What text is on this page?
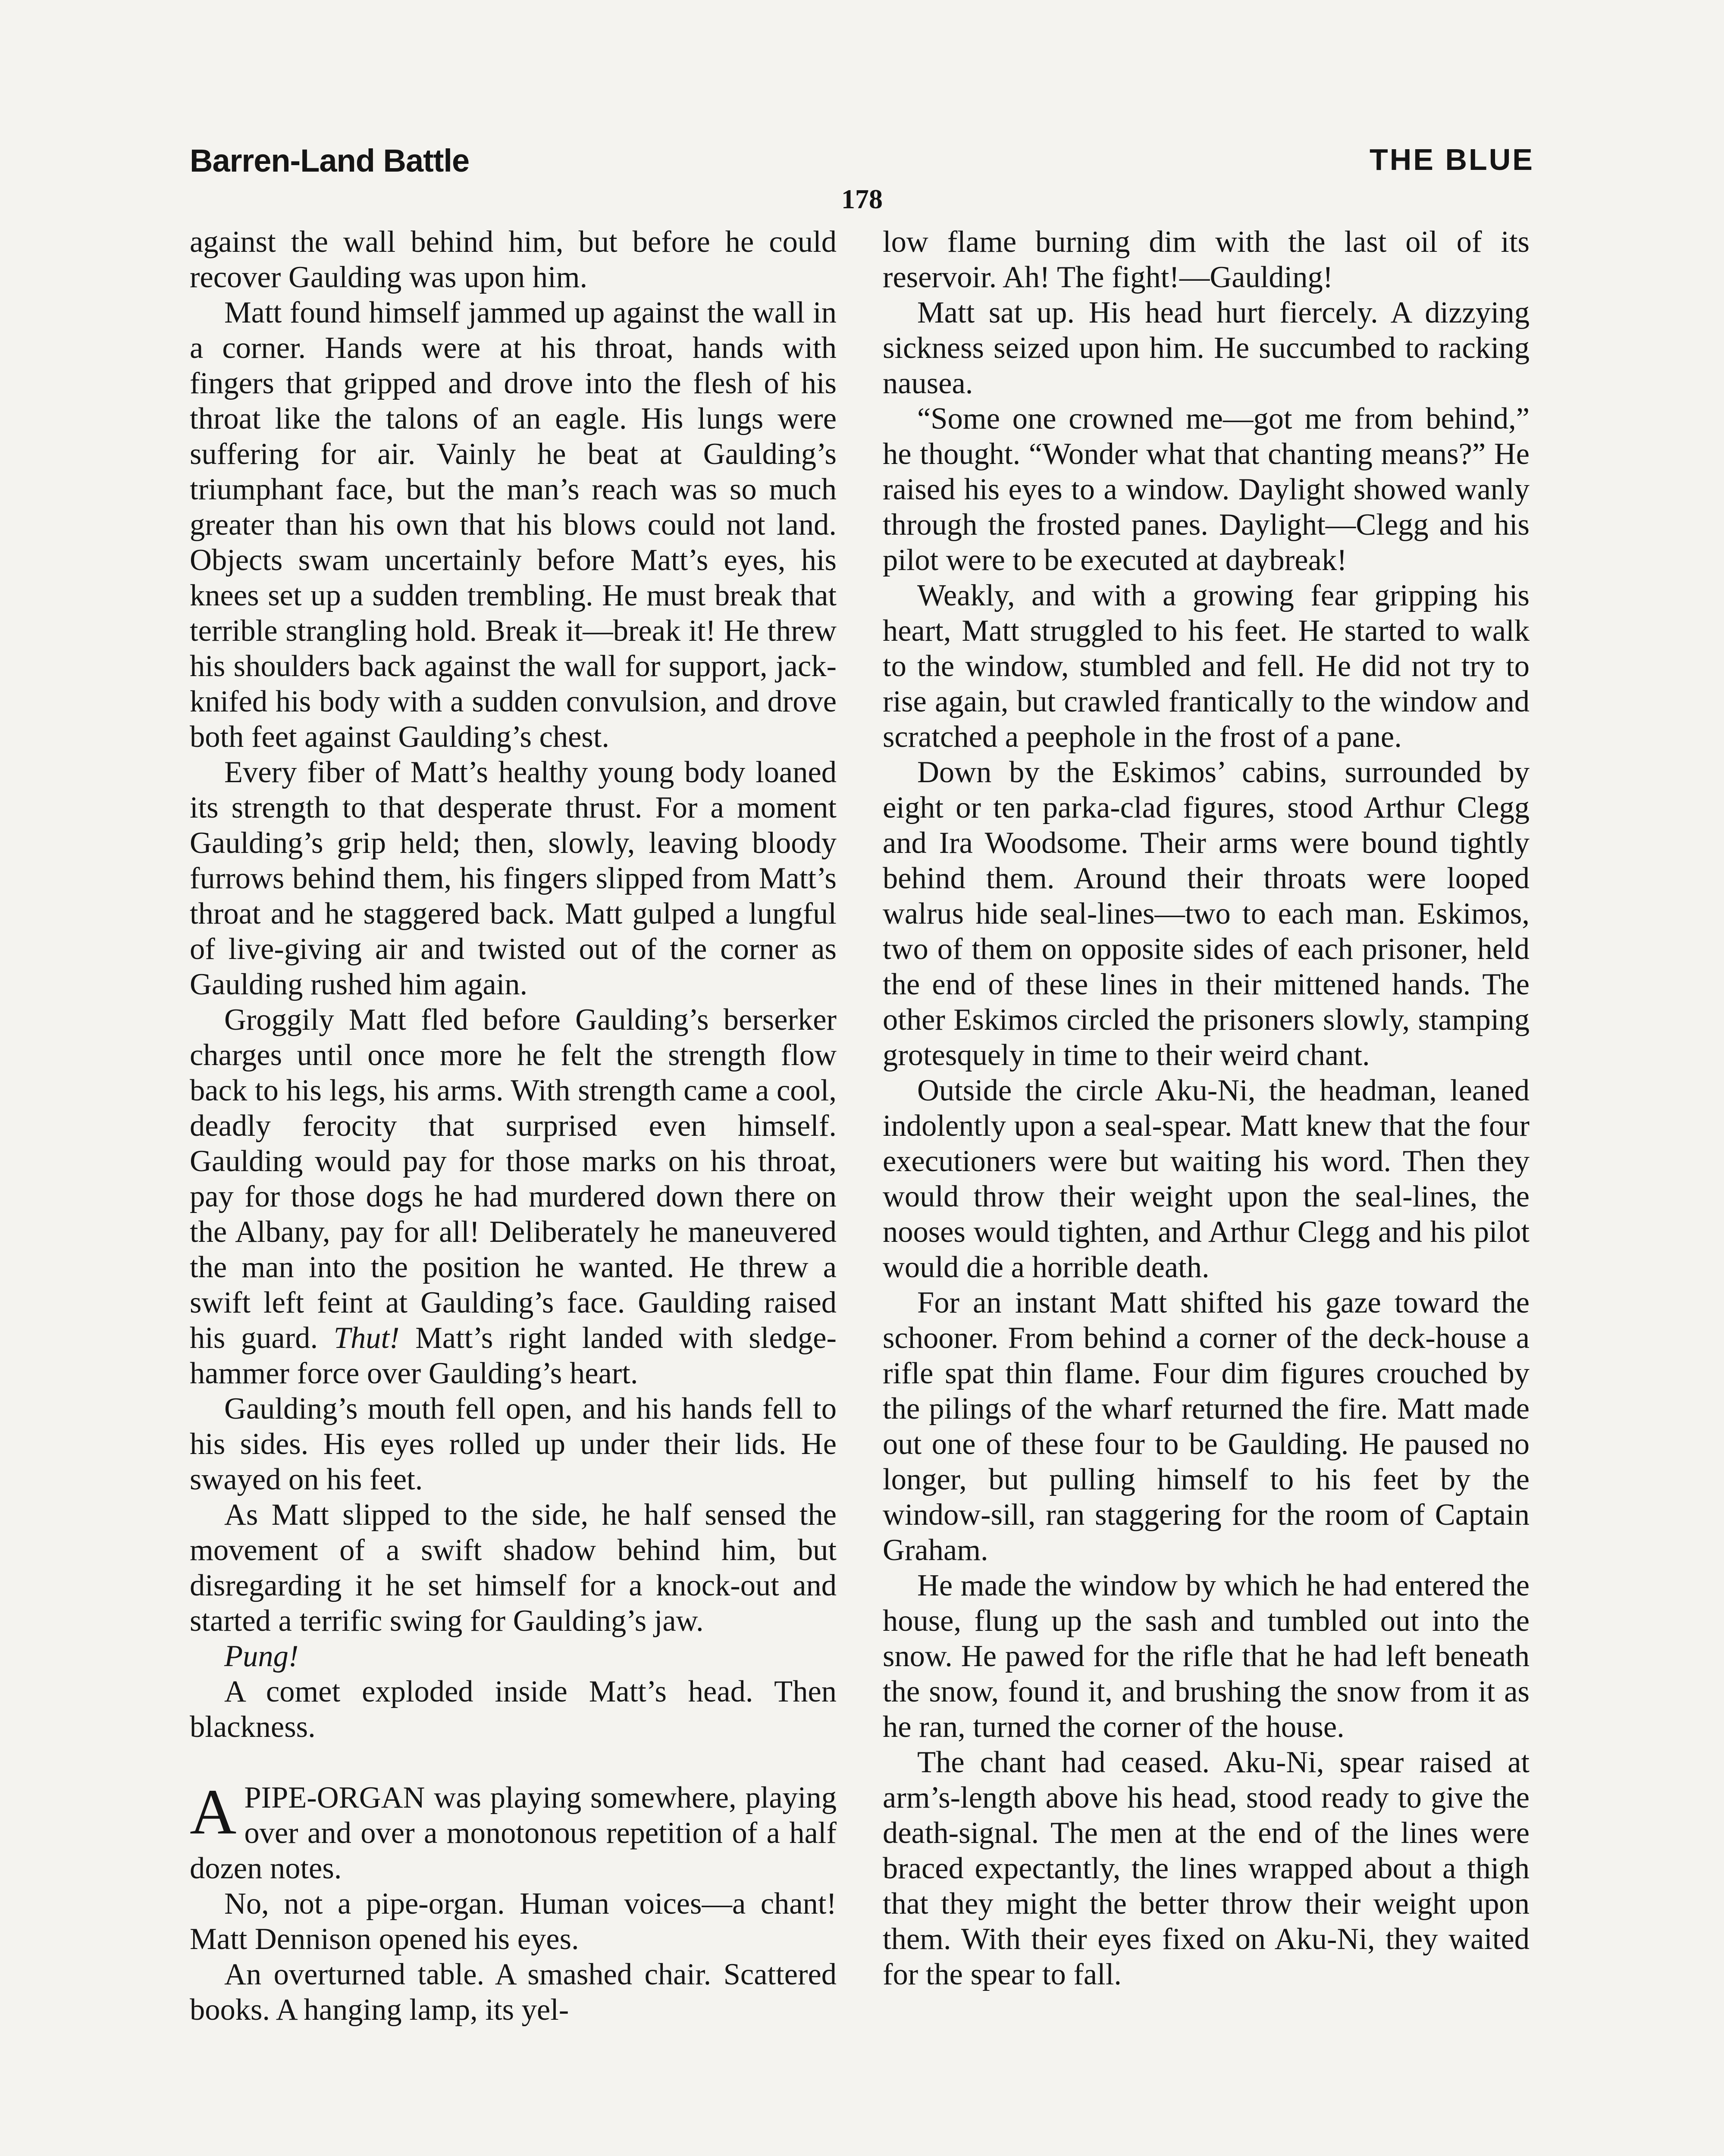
Barren-Land Battle	THE BLUE
178

against the wall behind him, but before he could recover Gaulding was upon him.

Matt found himself jammed up against the wall in a corner. Hands were at his throat, hands with fingers that gripped and drove into the flesh of his throat like the talons of an eagle. His lungs were suffering for air. Vainly he beat at Gaulding’s triumphant face, but the man’s reach was so much greater than his own that his blows could not land. Objects swam uncertainly before Matt’s eyes, his knees set up a sudden trembling. He must break that terrible strangling hold. Break it—break it! He threw his shoulders back against the wall for support, jack-knifed his body with a sudden convulsion, and drove both feet against Gaulding’s chest.

Every fiber of Matt’s healthy young body loaned its strength to that desperate thrust. For a moment Gaulding’s grip held; then, slowly, leaving bloody furrows behind them, his fingers slipped from Matt’s throat and he staggered back. Matt gulped a lungful of live-giving air and twisted out of the corner as Gaulding rushed him again.

Groggily Matt fled before Gaulding’s berserker charges until once more he felt the strength flow back to his legs, his arms. With strength came a cool, deadly ferocity that surprised even himself. Gaulding would pay for those marks on his throat, pay for those dogs he had murdered down there on the Albany, pay for all! Deliberately he maneuvered the man into the position he wanted. He threw a swift left feint at Gaulding’s face. Gaulding raised his guard. Thut! Matt’s right landed with sledge-hammer force over Gaulding’s heart.

Gaulding’s mouth fell open, and his hands fell to his sides. His eyes rolled up under their lids. He swayed on his feet.

As Matt slipped to the side, he half sensed the movement of a swift shadow behind him, but disregarding it he set himself for a knock-out and started a terrific swing for Gaulding’s jaw.

Pung!

A comet exploded inside Matt’s head. Then blackness.

APIPE-ORGAN was playing somewhere, playing over and over a monotonous repetition of a half dozen notes.

No, not a pipe-organ. Human voices—a chant! Matt Dennison opened his eyes.

An overturned table. A smashed chair. Scattered books. A hanging lamp, its yel-

low flame burning dim with the last oil of its reservoir. Ah! The fight!—Gaulding!

Matt sat up. His head hurt fiercely. A dizzying sickness seized upon him. He succumbed to racking nausea.

“Some one crowned me—got me from behind,” he thought. “Wonder what that chanting means?” He raised his eyes to a window. Daylight showed wanly through the frosted panes. Daylight—Clegg and his pilot were to be executed at daybreak!

Weakly, and with a growing fear gripping his heart, Matt struggled to his feet. He started to walk to the window, stumbled and fell. He did not try to rise again, but crawled frantically to the window and scratched a peephole in the frost of a pane.

Down by the Eskimos’ cabins, surrounded by eight or ten parka-clad figures, stood Arthur Clegg and Ira Woodsome. Their arms were bound tightly behind them. Around their throats were looped walrus hide seal-lines—two to each man. Eskimos, two of them on opposite sides of each prisoner, held the end of these lines in their mittened hands. The other Eskimos circled the prisoners slowly, stamping grotesquely in time to their weird chant.

Outside the circle Aku-Ni, the headman, leaned indolently upon a seal-spear. Matt knew that the four executioners were but waiting his word. Then they would throw their weight upon the seal-lines, the nooses would tighten, and Arthur Clegg and his pilot would die a horrible death.

For an instant Matt shifted his gaze toward the schooner. From behind a corner of the deck-house a rifle spat thin flame. Four dim figures crouched by the pilings of the wharf returned the fire. Matt made out one of these four to be Gaulding. He paused no longer, but pulling himself to his feet by the window-sill, ran staggering for the room of Captain Graham.

He made the window by which he had entered the house, flung up the sash and tumbled out into the snow. He pawed for the rifle that he had left beneath the snow, found it, and brushing the snow from it as he ran, turned the corner of the house.

The chant had ceased. Aku-Ni, spear raised at arm’s-length above his head, stood ready to give the death-signal. The men at the end of the lines were braced expectantly, the lines wrapped about a thigh that they might the better throw their weight upon them. With their eyes fixed on Aku-Ni, they waited for the spear to fall.
